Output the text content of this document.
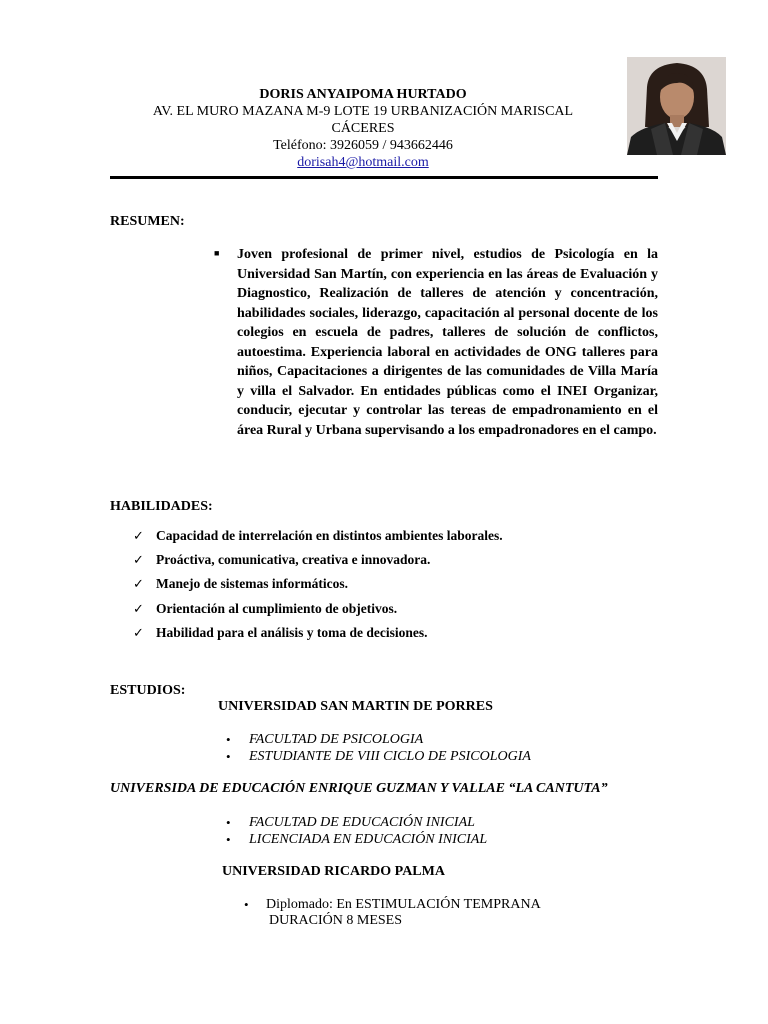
DORIS ANYAIPOMA HURTADO
AV. EL MURO MAZANA M-9 LOTE 19 URBANIZACIÓN MARISCAL
CÁCERES
Teléfono: 3926059 / 943662446
dorisah4@hotmail.com
RESUMEN:
■ Joven profesional de primer nivel, estudios de Psicología en la Universidad San Martín, con experiencia en las áreas de Evaluación y Diagnostico, Realización de talleres de atención y concentración, habilidades sociales, liderazgo, capacitación al personal docente de los colegios en escuela de padres, talleres de solución de conflictos, autoestima. Experiencia laboral en actividades de ONG talleres para niños, Capacitaciones a dirigentes de las comunidades de Villa María y villa el Salvador. En entidades públicas como el INEI Organizar, conducir, ejecutar y controlar las tereas de empadronamiento en el área Rural y Urbana supervisando a los empadronadores en el campo.
HABILIDADES:
✓ Capacidad de interrelación en distintos ambientes laborales.
✓ Proáctiva, comunicativa, creativa e innovadora.
✓ Manejo de sistemas informáticos.
✓ Orientación al cumplimiento de objetivos.
✓ Habilidad para el análisis y toma de decisiones.
ESTUDIOS:
UNIVERSIDAD SAN MARTIN DE PORRES
•	FACULTAD DE PSICOLOGIA
•	ESTUDIANTE DE VIII CICLO DE PSICOLOGIA
UNIVERSIDA DE EDUCACIÓN ENRIQUE GUZMAN Y VALLAE “LA CANTUTA”
•	FACULTAD DE EDUCACIÓN INICIAL
•	LICENCIADA EN EDUCACIÓN INICIAL
UNIVERSIDAD RICARDO PALMA
•	Diplomado: En ESTIMULACIÓN TEMPRANA
DURACIÓN 8 MESES
